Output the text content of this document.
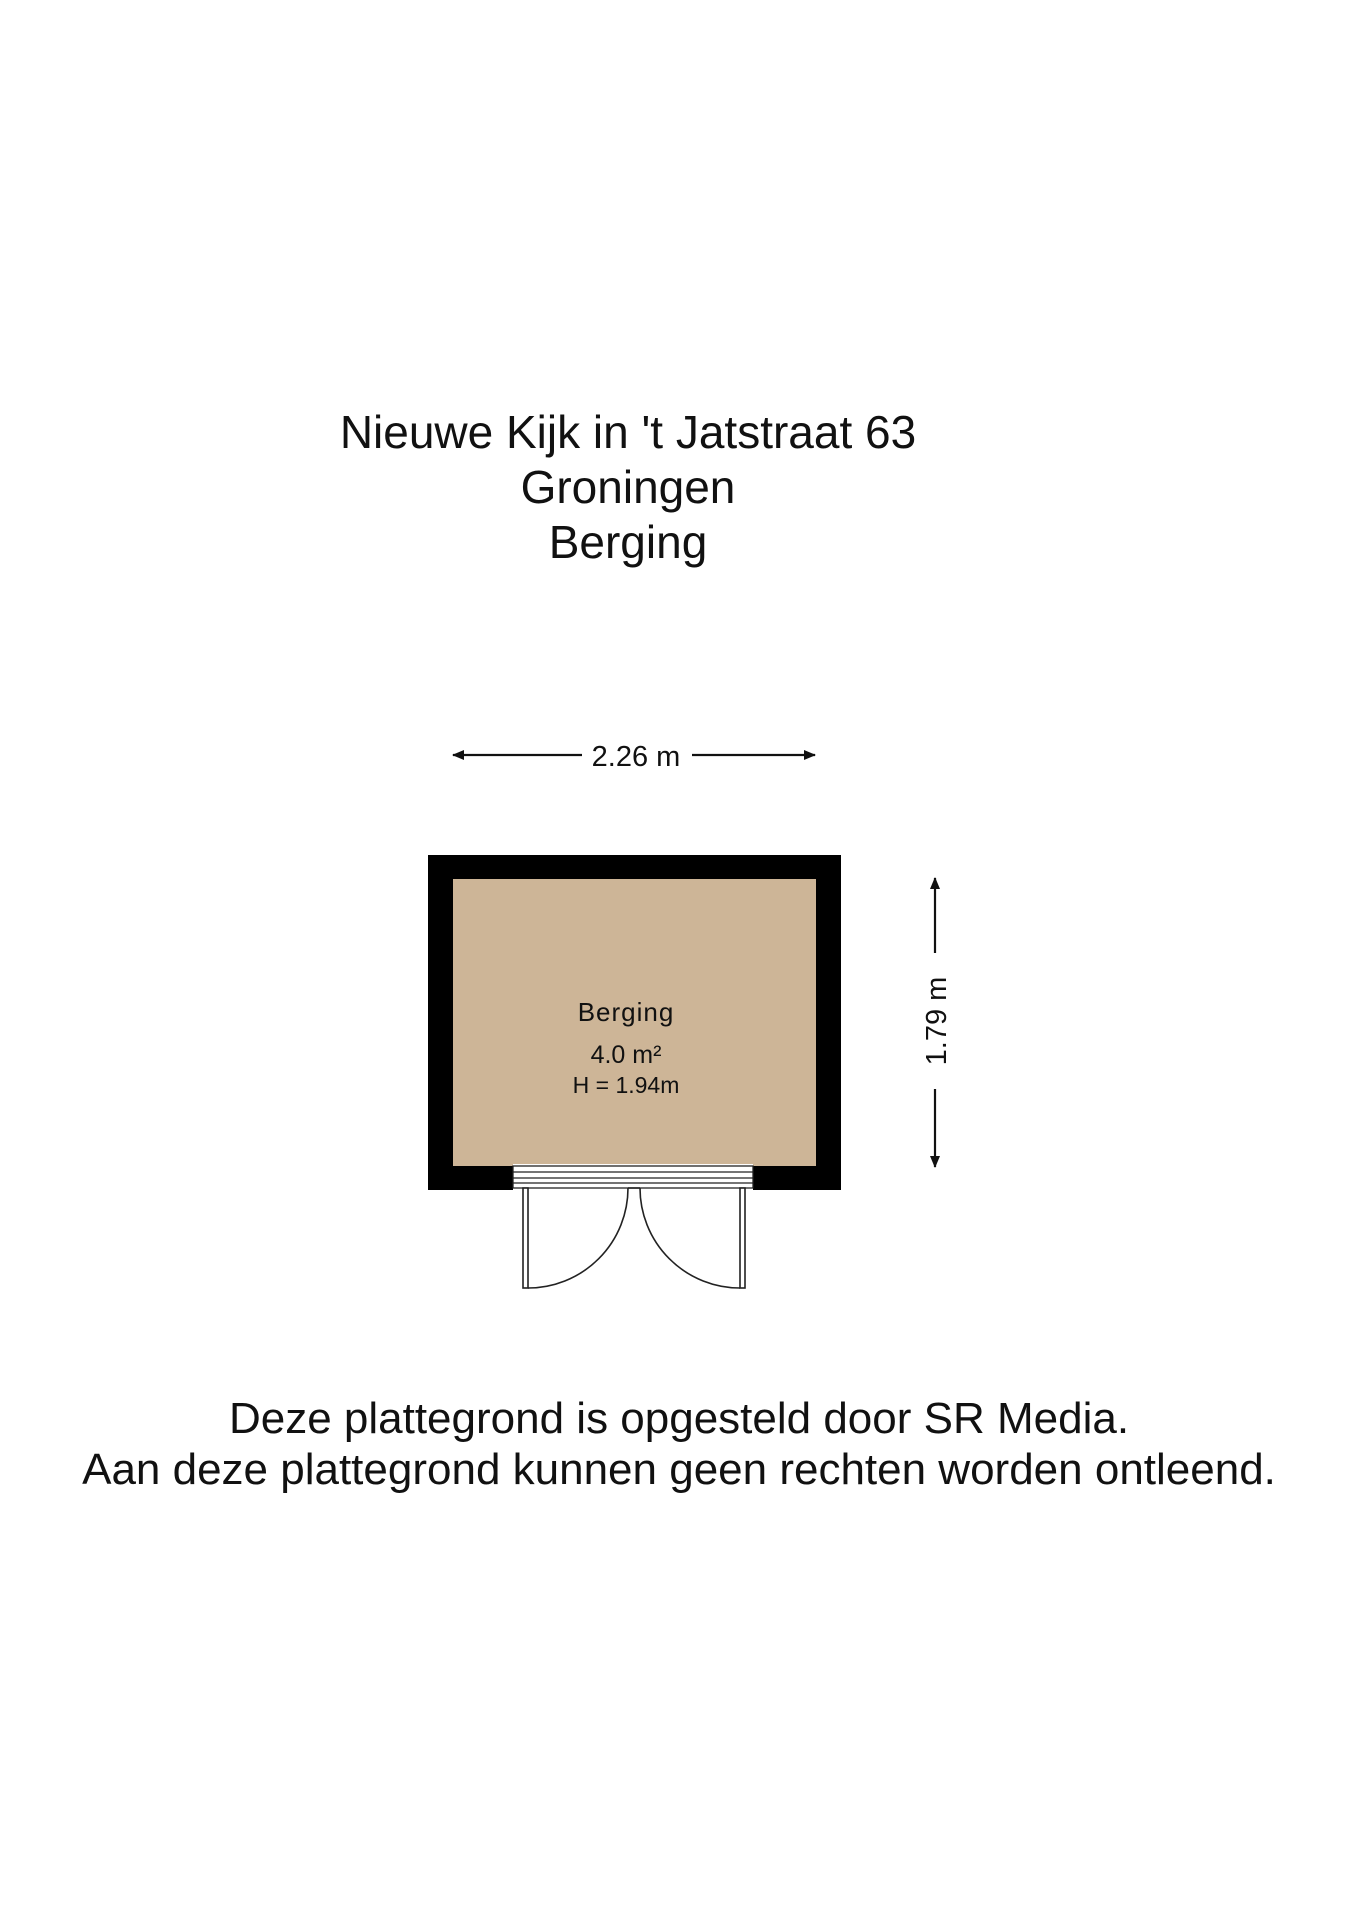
Nieuwe Kijk in 't Jatstraat 63
Groningen
Berging
2.26 m
1.79 m
Berging
4.0 m²
H = 1.94m
Deze plattegrond is opgesteld door SR Media.
Aan deze plattegrond kunnen geen rechten worden ontleend.
